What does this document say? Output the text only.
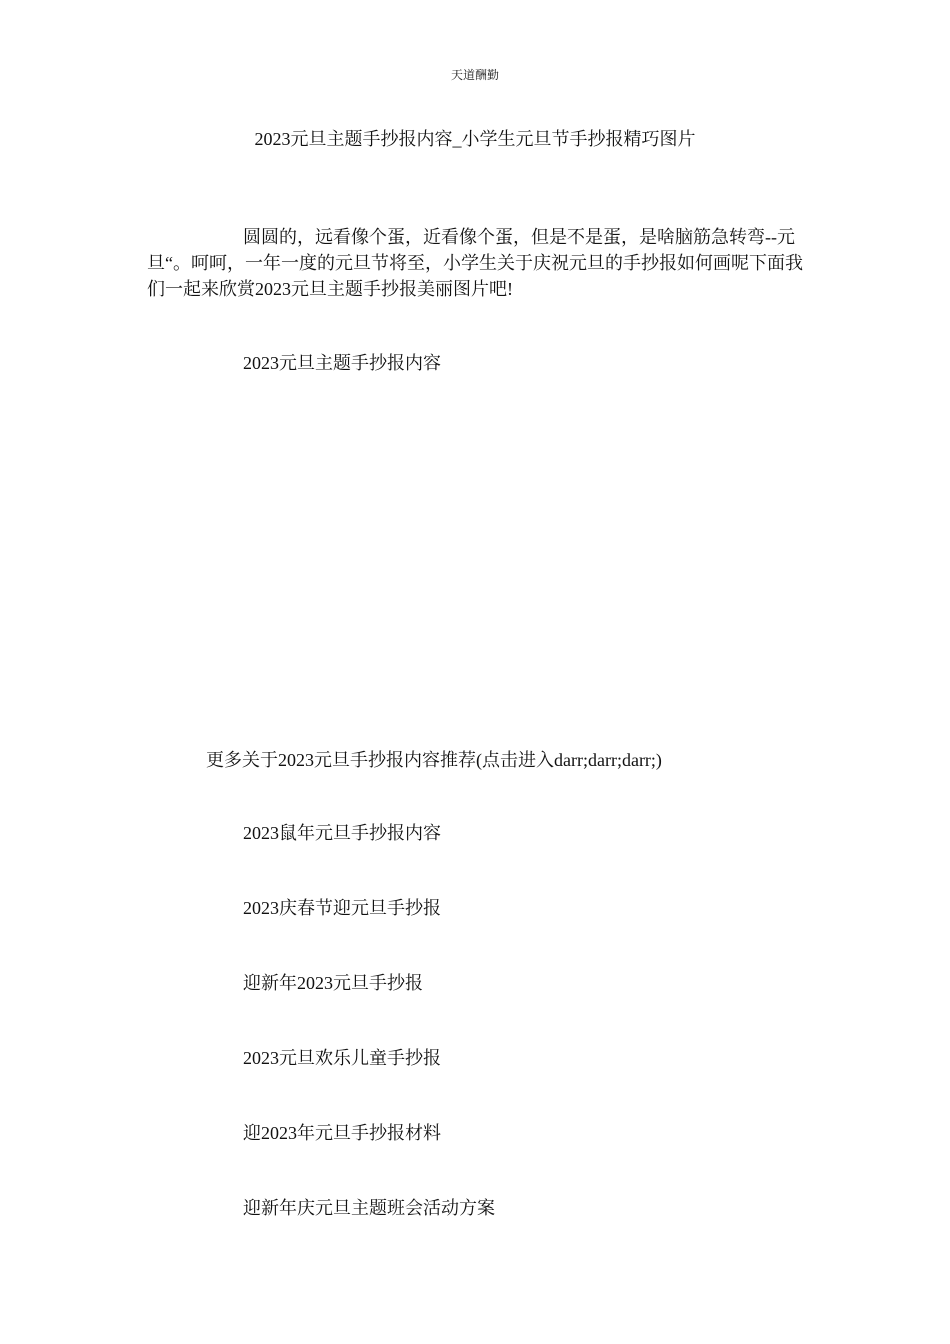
天道酬勤
2023元旦主题手抄报内容_小学生元旦节手抄报精巧图片

圆圆的，远看像个蛋，近看像个蛋，但是不是蛋，是啥脑筋急转弯--元旦“。呵呵，一年一度的元旦节将至，小学生关于庆祝元旦的手抄报如何画呢下面我们一起来欣赏2023元旦主题手抄报美丽图片吧!

2023元旦主题手抄报内容
更多关于2023元旦手抄报内容推荐(点击进入darr;darr;darr;)
2023鼠年元旦手抄报内容
2023庆春节迎元旦手抄报
迎新年2023元旦手抄报
2023元旦欢乐儿童手抄报
迎2023年元旦手抄报材料
迎新年庆元旦主题班会活动方案
